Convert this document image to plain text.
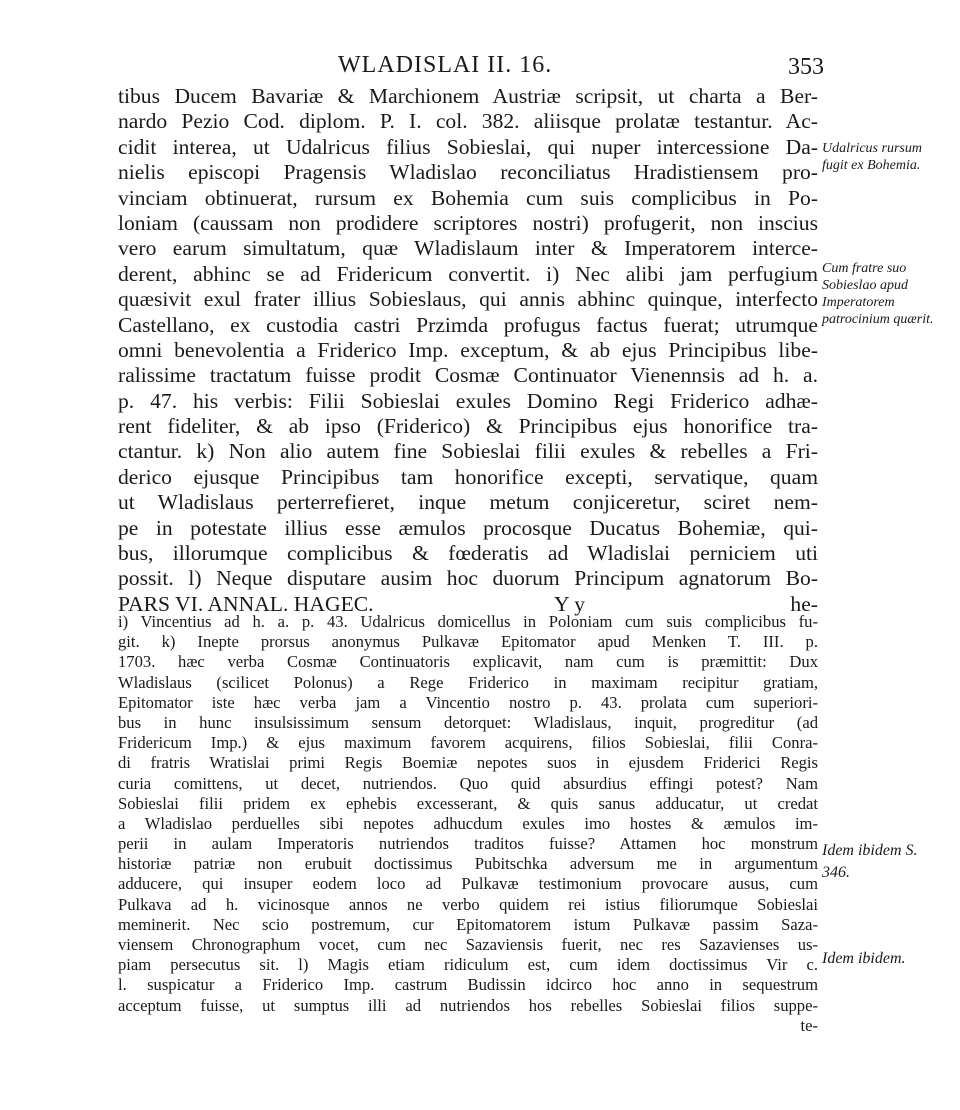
WLADISLAI II. 16.	353
tibus Ducem Bavariæ & Marchionem Austriæ scripsit, ut charta a Ber-
nardo Pezio Cod. diplom. P. I. col. 382. aliisque prolatæ testantur. Ac-
cidit interea, ut Udalricus filius Sobieslai, qui nuper intercessione Da-
nielis episcopi Pragensis Wladislao reconciliatus Hradistiensem pro-
vinciam obtinuerat, rursum ex Bohemia cum suis complicibus in Po-
loniam (caussam non prodidere scriptores nostri) profugerit, non inscius
vero earum simultatum, quæ Wladislaum inter & Imperatorem interce-
derent, abhinc se ad Fridericum convertit. i) Nec alibi jam perfugium
quæsivit exul frater illius Sobieslaus, qui annis abhinc quinque, interfecto
Castellano, ex custodia castri Przimda profugus factus fuerat; utrumque
omni benevolentia a Friderico Imp. exceptum, & ab ejus Principibus libe-
ralissime tractatum fuisse prodit Cosmæ Continuator Vienennsis ad h. a.
p. 47. his verbis: Filii Sobieslai exules Domino Regi Friderico adhæ-
rent fideliter, & ab ipso (Friderico) & Principibus ejus honorifice tra-
ctantur. k) Non alio autem fine Sobieslai filii exules & rebelles a Fri-
derico ejusque Principibus tam honorifice excepti, servatique, quam
ut Wladislaus perterrefieret, inque metum conjiceretur, sciret nem-
pe in potestate illius esse æmulos procosque Ducatus Bohemiæ, qui-
bus, illorumque complicibus & fœderatis ad Wladislai perniciem uti
possit. l) Neque disputare ausim hoc duorum Principum agnatorum Bo-
PARS VI. ANNAL. HAGEC.	Y y	he-
i) Vincentius ad h. a. p. 43. Udalricus domicellus in Poloniam cum suis complicibus fu-
git. k) Inepte prorsus anonymus Pulkavæ Epitomator apud Menken T. III. p.
1703. hæc verba Cosmæ Continuatoris explicavit, nam cum is præmittit: Dux
Wladislaus (scilicet Polonus) a Rege Friderico in maximam recipitur gratiam,
Epitomator iste hæc verba jam a Vincentio nostro p. 43. prolata cum superiori-
bus in hunc insulsissimum sensum detorquet: Wladislaus, inquit, progreditur (ad
Fridericum Imp.) & ejus maximum favorem acquirens, filios Sobieslai, filii Conra-
di fratris Wratislai primi Regis Boemiæ nepotes suos in ejusdem Friderici Regis
curia comittens, ut decet, nutriendos. Quo quid absurdius effingi potest? Nam
Sobieslai filii pridem ex ephebis excesserant, & quis sanus adducatur, ut credat
a Wladislao perduelles sibi nepotes adhucdum exules imo hostes & æmulos im-
perii in aulam Imperatoris nutriendos traditos fuisse? Attamen hoc monstrum
historiæ patriæ non erubuit doctissimus Pubitschka adversum me in argumentum
adducere, qui insuper eodem loco ad Pulkavæ testimonium provocare ausus, cum
Pulkava ad h. vicinosque annos ne verbo quidem rei istius filiorumque Sobieslai
meminerit. Nec scio postremum, cur Epitomatorem istum Pulkavæ passim Saza-
viensem Chronographum vocet, cum nec Sazaviensis fuerit, nec res Sazavienses us-
piam persecutus sit. l) Magis etiam ridiculum est, cum idem doctissimus Vir c.
l. suspicatur a Friderico Imp. castrum Budissin idcirco hoc anno in sequestrum
acceptum fuisse, ut sumptus illi ad nutriendos hos rebelles Sobieslai filios suppe-
te-
Udalricus rursum fugit ex Bohemia.
Cum fratre suo Sobieslao apud Imperatorem patrocinium quærit.
Idem ibidem S. 346.
Idem ibidem.
